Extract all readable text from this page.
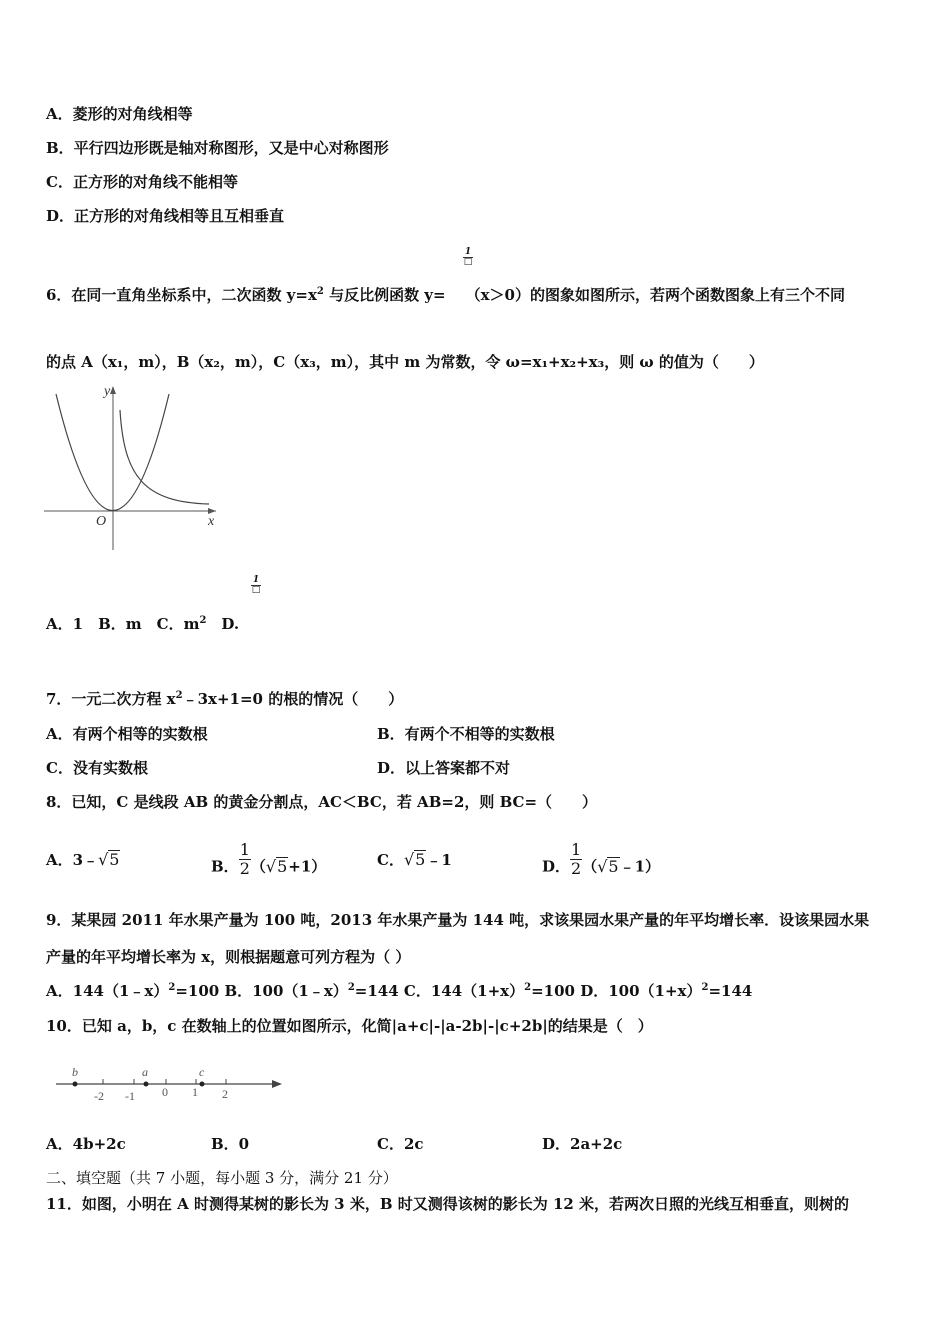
A．菱形的对角线相等
B．平行四边形既是轴对称图形，又是中心对称图形
C．正方形的对角线不能相等
D．正方形的对角线相等且互相垂直
1
□
6．在同一直角坐标系中，二次函数 $y=x^2$ 与反比例函数 y= （x＞0）的图象如图所示，若两个函数图象上有三个不同
的点 A（x₁，m），B（x₂，m），C（x₃，m），其中 m 为常数，令 ω=x₁+x₂+x₃，则 ω 的值为（　　）
y
x
O
1
□
A．1　B．m　C．$m^2$　D.
7．一元二次方程 $x^2﹣3x+1=0$ 的根的情况（　　）
A．有两个相等的实数根	B．有两个不相等的实数根
C．没有实数根	D．以上答案都不对
8．已知，C 是线段 AB 的黄金分割点，AC＜BC，若 AB=2，则 BC=（　　）
A．3﹣√5	B． $\frac{1}{2} (√5+1)$	C．√5﹣1	D． $\frac{1}{2}$ （√5﹣1）
9．某果园 2011 年水果产量为 100 吨，2013 年水果产量为 144 吨，求该果园水果产量的年平均增长率．设该果园水果
产量的年平均增长率为 x，则根据题意可列方程为（ ）
A．144（1﹣x）$^2$=100 B．100（1﹣x）$^2$=144 C．$144(1+x)^2=100$ D．$100(1+x)^2=144$
10．已知 a，b，c 在数轴上的位置如图所示，化简|a+c|-|a-2b|-|c+2b|的结果是（　）
-2 -1 0 1 2
b	a	c
A．4b+2c	B．0	C．2c	D．2a+2c
二、填空题（共 7 小题，每小题 3 分，满分 21 分）
11．如图，小明在 A 时测得某树的影长为 3 米，B 时又测得该树的影长为 12 米，若两次日照的光线互相垂直，则树的
